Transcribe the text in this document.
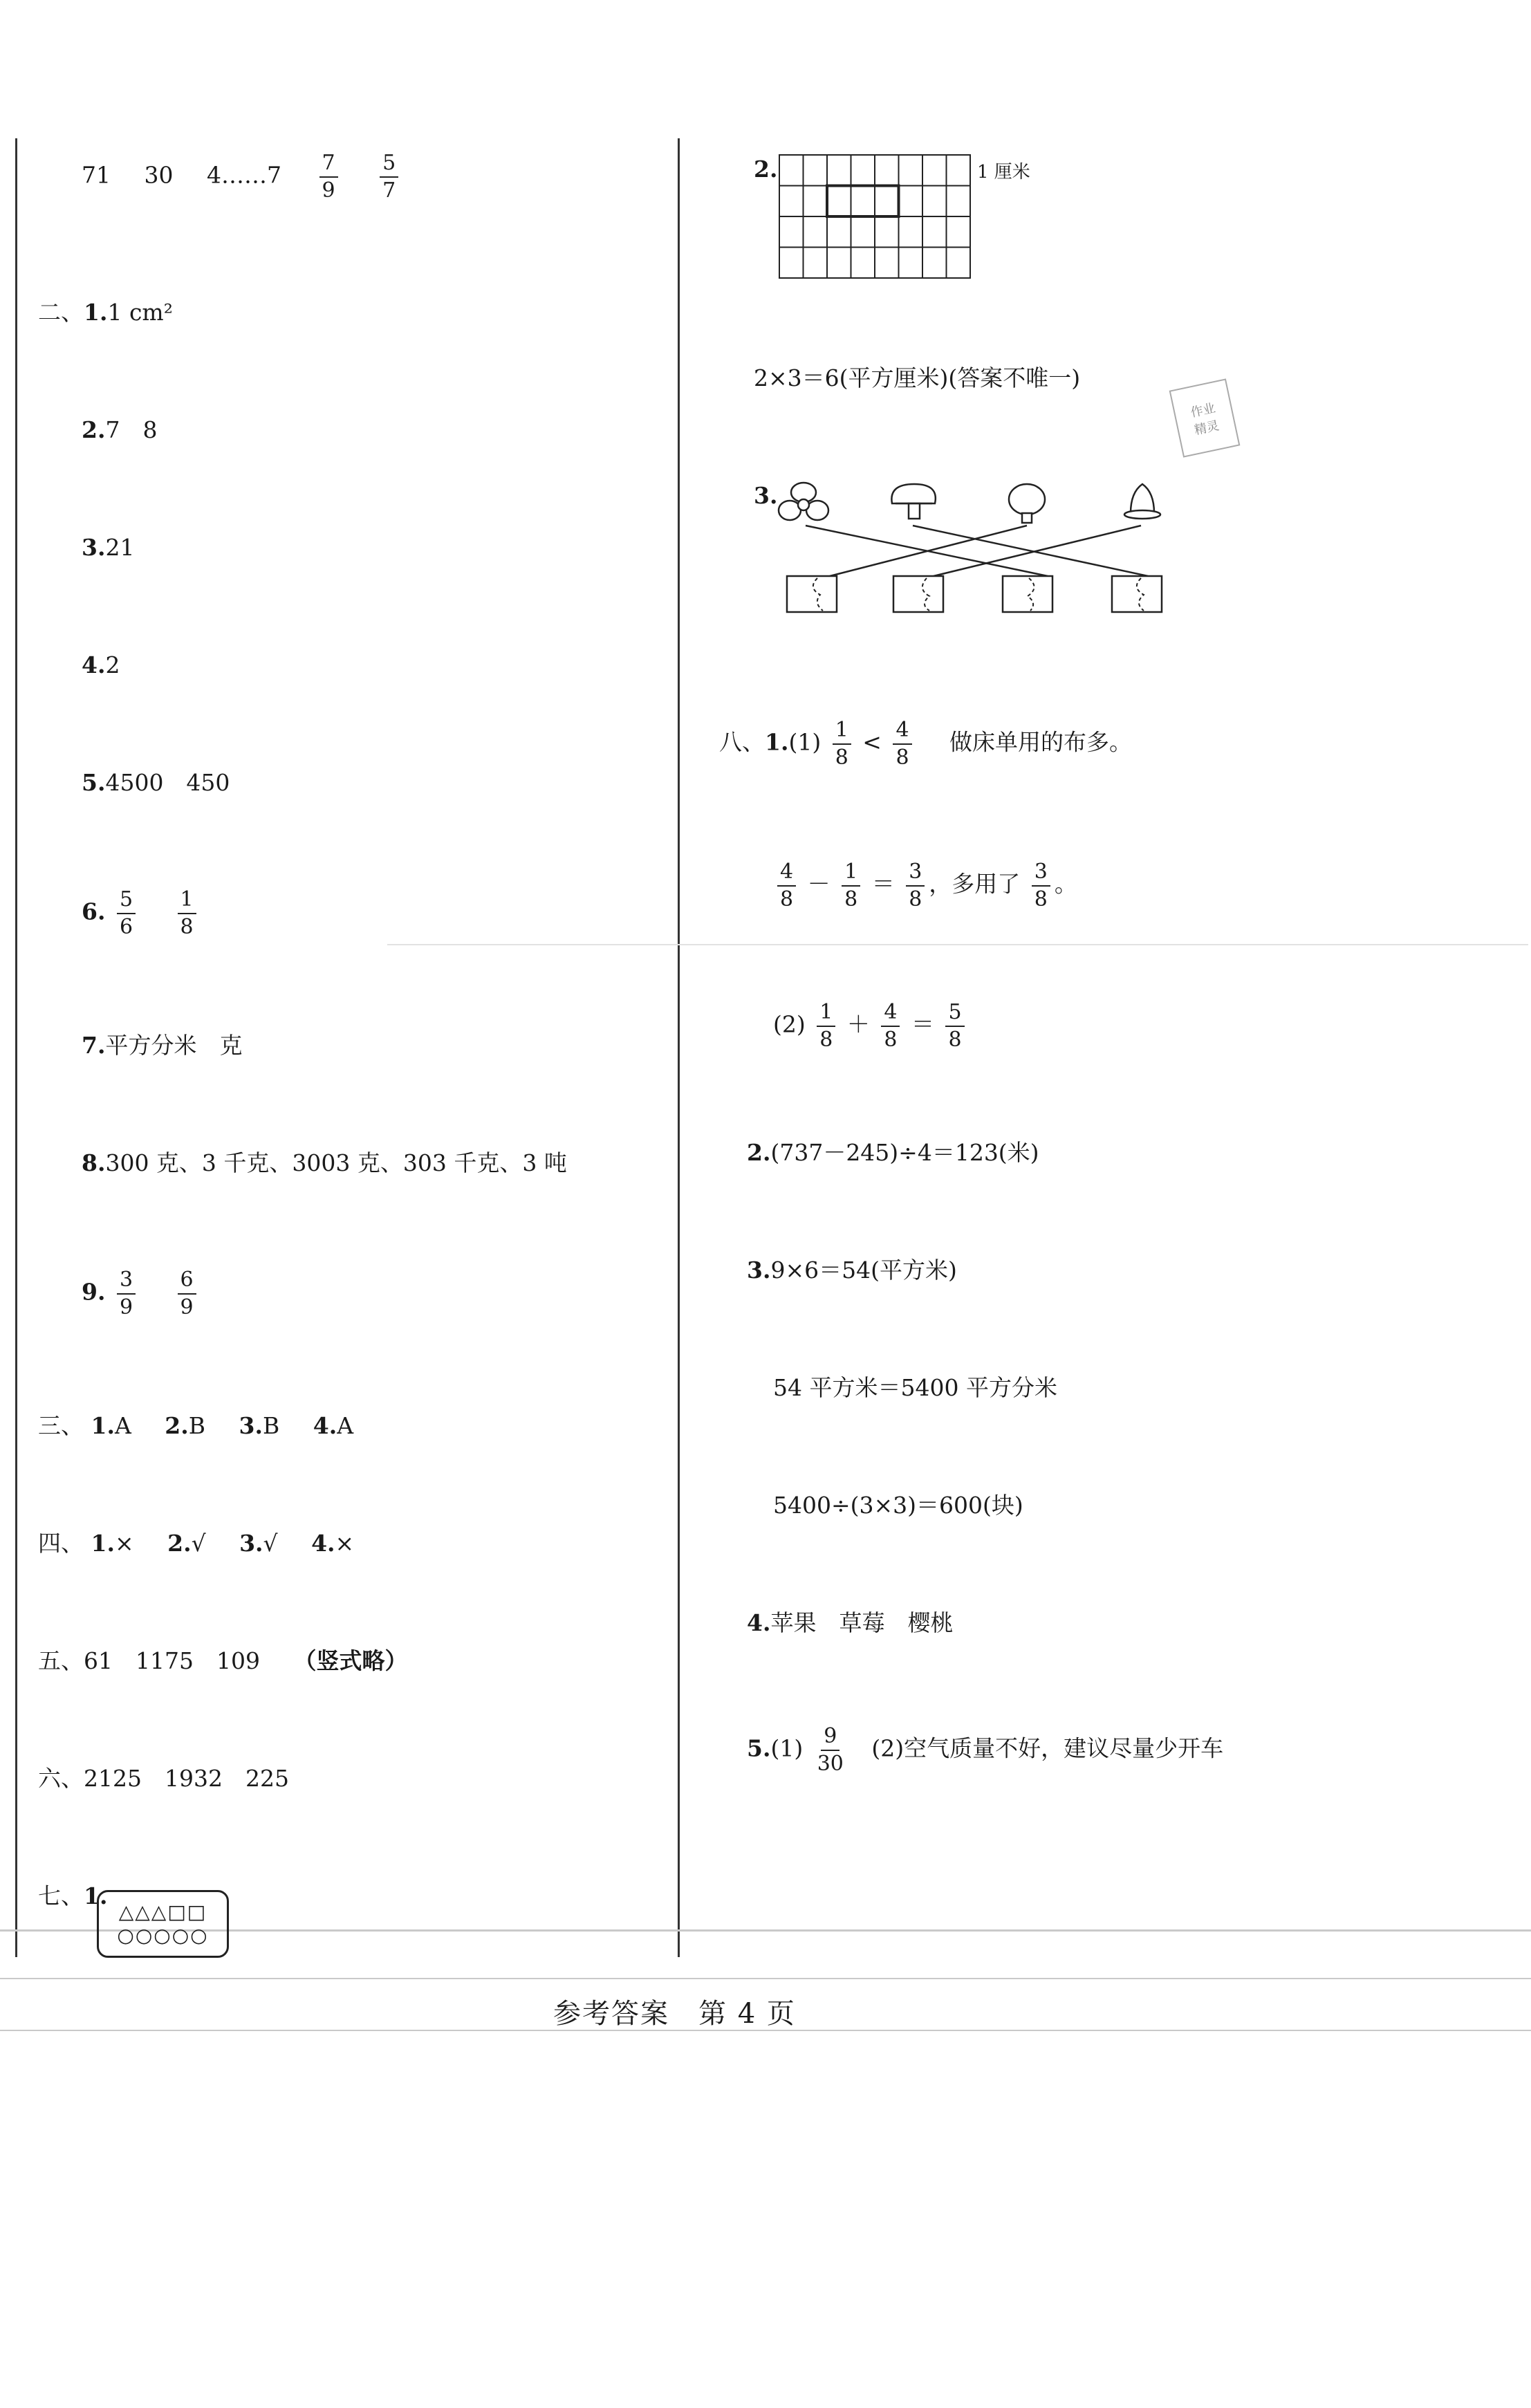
71 30 4……7 $\frac{7}{9}$
$\frac{5}{7}$
二、1.1 cm²
2.7　8
3.21
4.2
5.4500　450
6. $\frac{5}{6}$
$\frac{1}{8}$
7.平方分米　克
8.300 克、3 千克、3003 克、303 千克、3 吨
9. $\frac{3}{9}$
$\frac{6}{9}$
三、 1.A 2.B 3.B 4.A
四、 1.× 2.√ 3.√ 4.×
五、61　1175　109 （竖式略）
六、2125　1932　225
七、1.
△△△□□
○○○○○
2.	1 厘米
2×3＝6(平方厘米)(答案不唯一)
作业
精灵
3.
八、$1.(1) \frac{1}{8} < \frac{4}{8}$ 做床单用的布多。
$\frac{4}{8} - \frac{1}{8} = \frac{3}{8}$ ，多用了 $\frac{3}{8}$ 。
$(2) \frac{1}{8} + \frac{4}{8} = \frac{5}{8}$
2.(737－245)÷4＝123(米)
3.9×6＝54(平方米)
54 平方米＝5400 平方分米
5400÷(3×3)＝600(块)
4.苹果　草莓　樱桃
$5.(1) \frac{9}{30} (2)$空气质量不好，建议尽量少开车
参考答案　第 4 页
